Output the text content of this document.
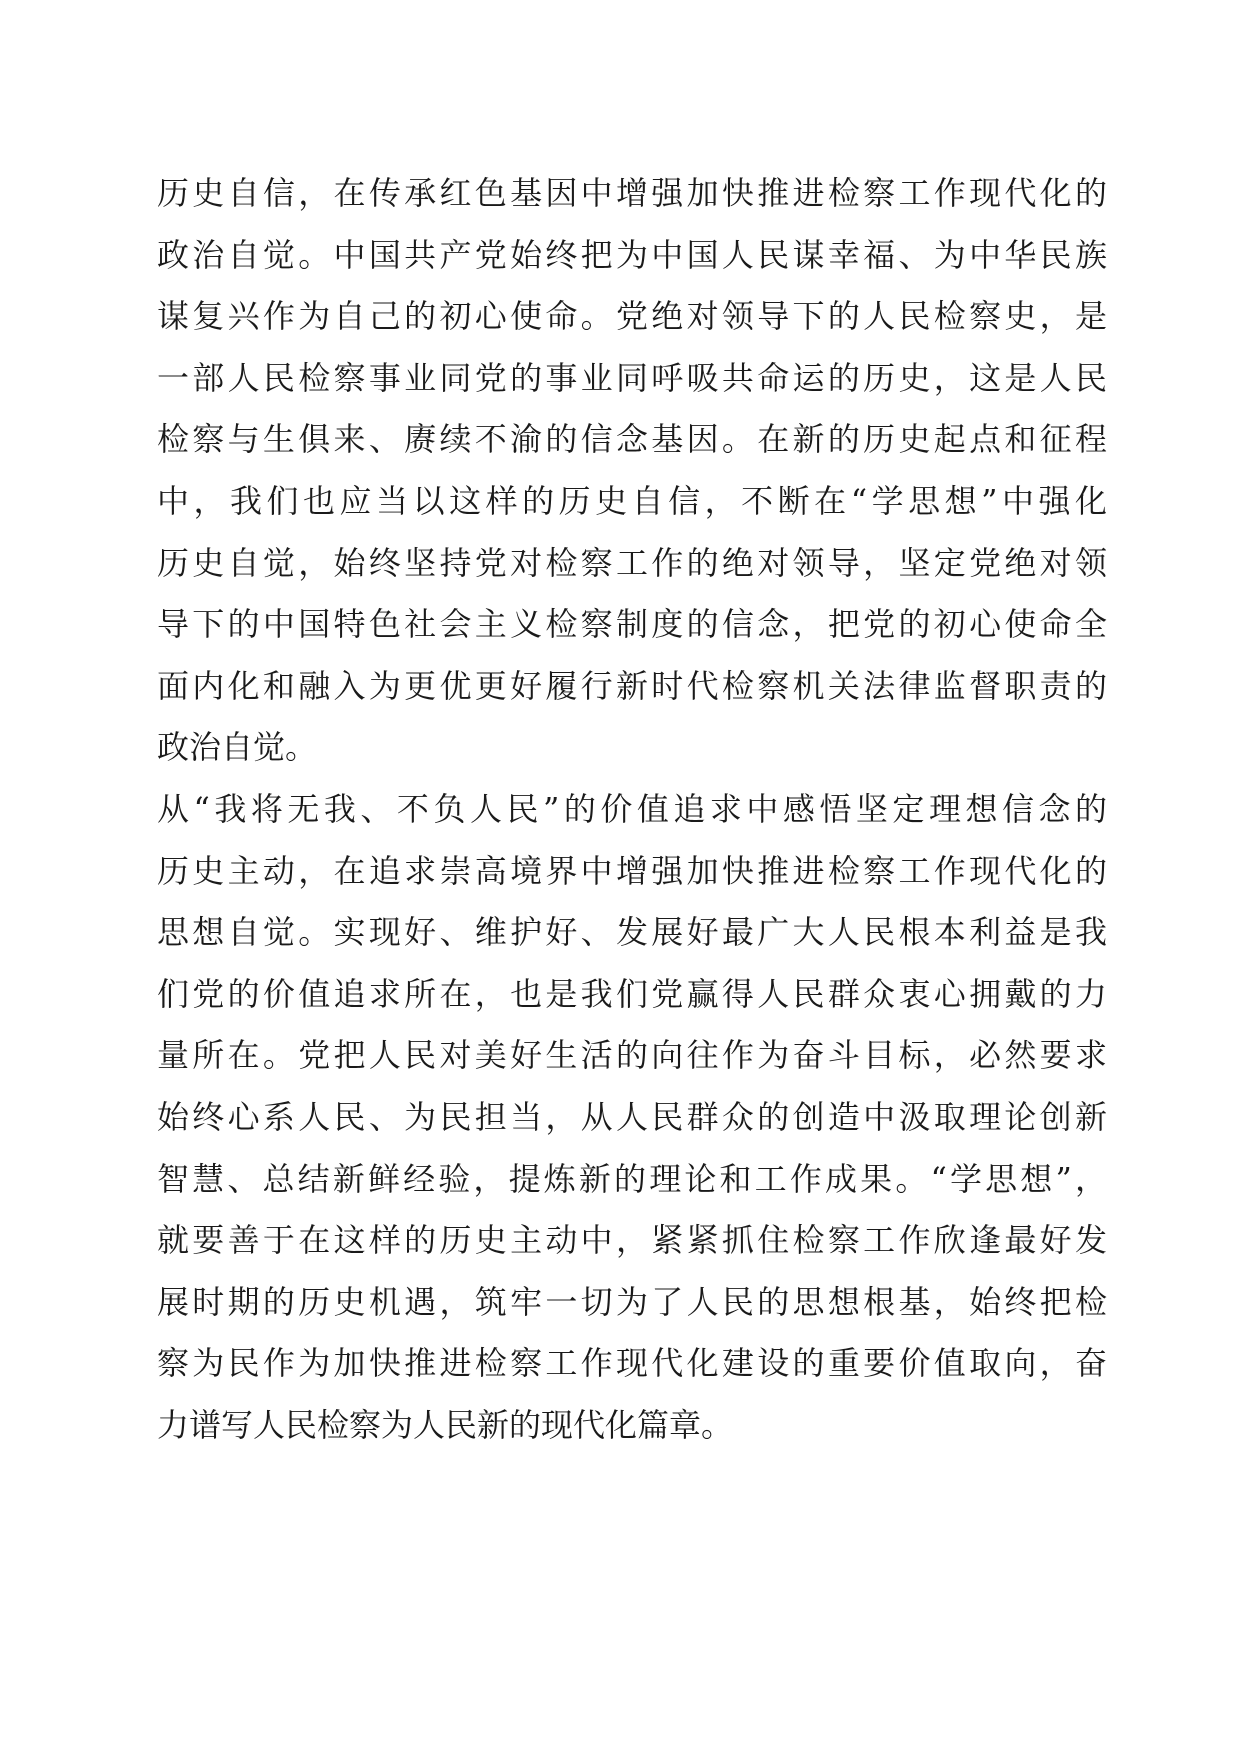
历史自信，在传承红色基因中增强加快推进检察工作现代化的
政治自觉。中国共产党始终把为中国人民谋幸福、为中华民族
谋复兴作为自己的初心使命。党绝对领导下的人民检察史，是
一部人民检察事业同党的事业同呼吸共命运的历史，这是人民
检察与生俱来、赓续不渝的信念基因。在新的历史起点和征程
中，我们也应当以这样的历史自信，不断在“学思想”中强化
历史自觉，始终坚持党对检察工作的绝对领导，坚定党绝对领
导下的中国特色社会主义检察制度的信念，把党的初心使命全
面内化和融入为更优更好履行新时代检察机关法律监督职责的
政治自觉。
从“我将无我、不负人民”的价值追求中感悟坚定理想信念的
历史主动，在追求崇高境界中增强加快推进检察工作现代化的
思想自觉。实现好、维护好、发展好最广大人民根本利益是我
们党的价值追求所在，也是我们党赢得人民群众衷心拥戴的力
量所在。党把人民对美好生活的向往作为奋斗目标，必然要求
始终心系人民、为民担当，从人民群众的创造中汲取理论创新
智慧、总结新鲜经验，提炼新的理论和工作成果。“学思想”，
就要善于在这样的历史主动中，紧紧抓住检察工作欣逢最好发
展时期的历史机遇，筑牢一切为了人民的思想根基，始终把检
察为民作为加快推进检察工作现代化建设的重要价值取向，奋
力谱写人民检察为人民新的现代化篇章。
